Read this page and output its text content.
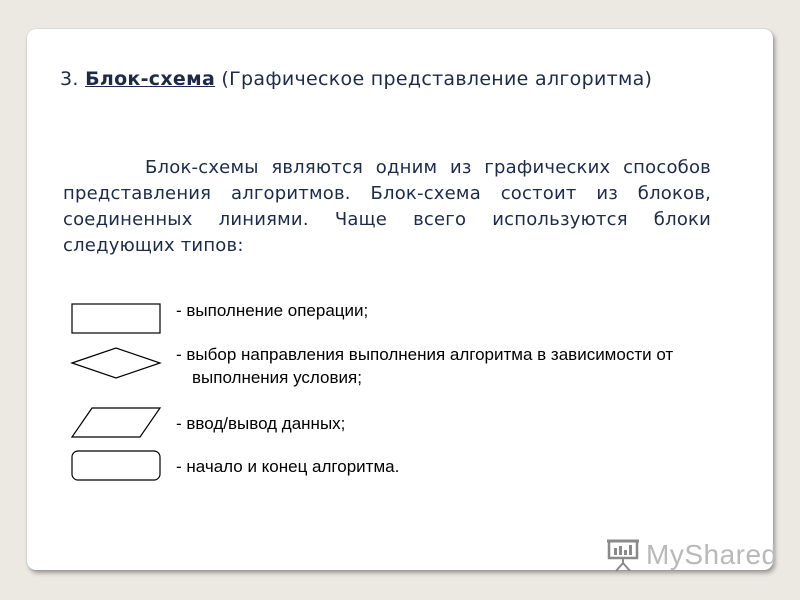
3. Блок-схема (Графическое представление алгоритма)
Блок-схемы являются одним из графических способов представления алгоритмов. Блок-схема состоит из блоков, соединенных линиями. Чаще всего используются блоки следующих типов:
- выполнение операции;
- выбор направления выполнения алгоритма в зависимости от
выполнения условия;
- ввод/вывод данных;
- начало и конец алгоритма.
MyShared
